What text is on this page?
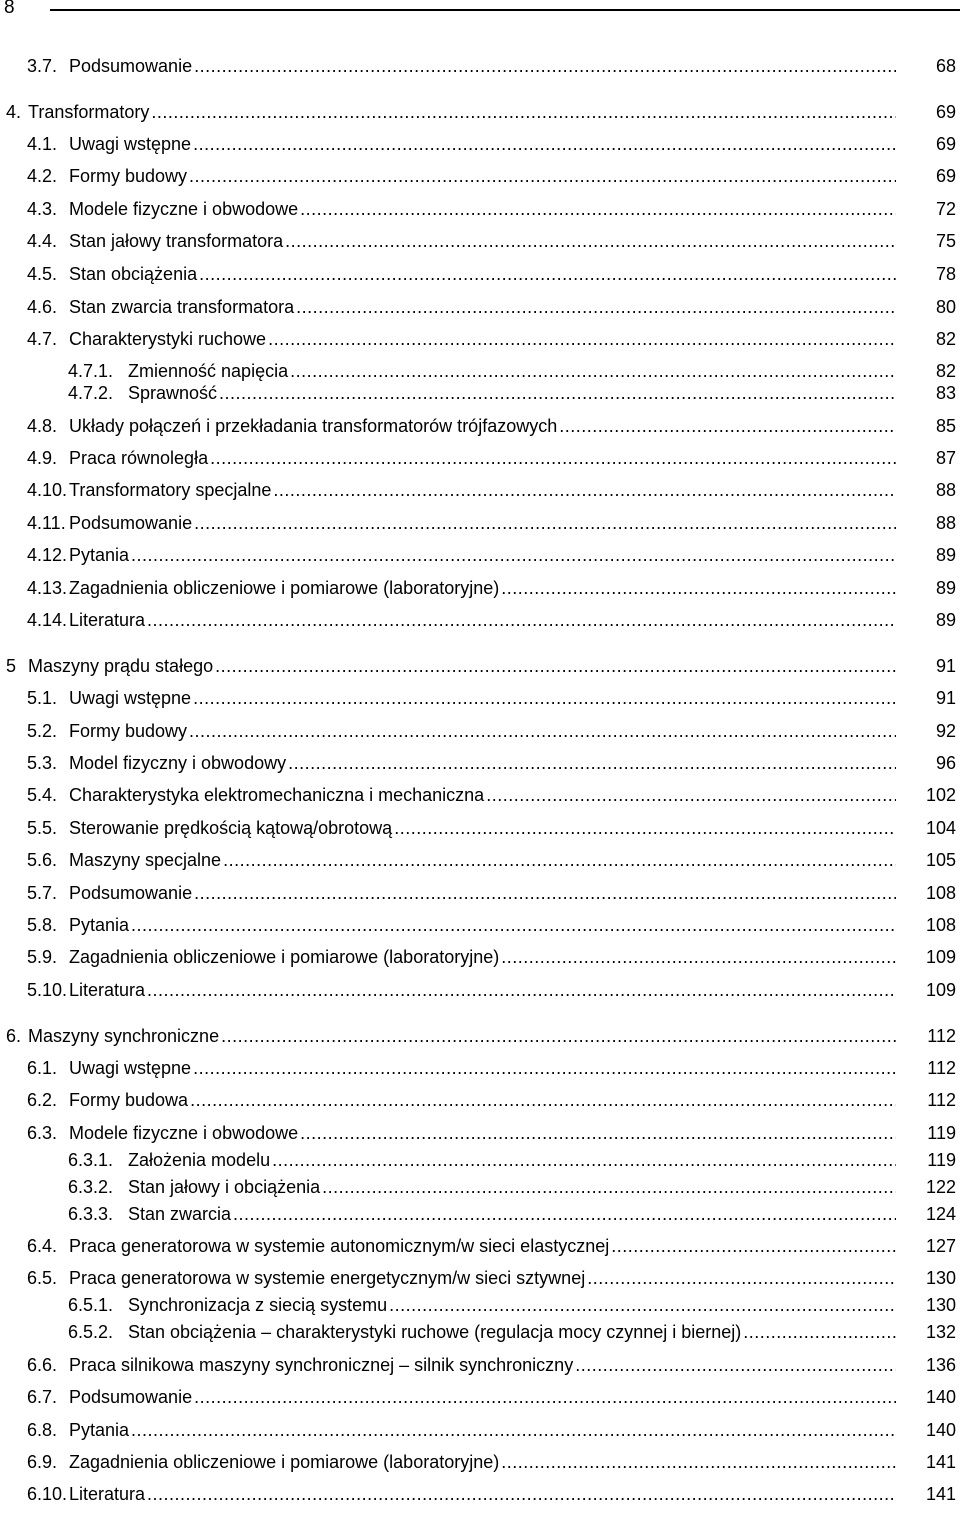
8
3.7. Podsumowanie .....	68
4. Transformatory .....	69
4.1. Uwagi wstępne .....	69
4.2. Formy budowy .....	69
4.3. Modele fizyczne i obwodowe .....	72
4.4. Stan jałowy transformatora .....	75
4.5. Stan obciążenia .....	78
4.6. Stan zwarcia transformatora .....	80
4.7. Charakterystyki ruchowe .....	82
4.7.1. Zmienność napięcia .....	82
4.7.2. Sprawność .....	83
4.8. Układy połączeń i przekładania transformatorów trójfazowych .....	85
4.9. Praca równoległa .....	87
4.10. Transformatory specjalne .....	88
4.11. Podsumowanie .....	88
4.12. Pytania .....	89
4.13. Zagadnienia obliczeniowe i pomiarowe (laboratoryjne) .....	89
4.14. Literatura .....	89
5 Maszyny prądu stałego .....	91
5.1. Uwagi wstępne .....	91
5.2. Formy budowy .....	92
5.3. Model fizyczny i obwodowy .....	96
5.4. Charakterystyka elektromechaniczna i mechaniczna .....	102
5.5. Sterowanie prędkością kątową/obrotową .....	104
5.6. Maszyny specjalne .....	105
5.7. Podsumowanie .....	108
5.8. Pytania .....	108
5.9. Zagadnienia obliczeniowe i pomiarowe (laboratoryjne) .....	109
5.10. Literatura .....	109
6. Maszyny synchroniczne .....	112
6.1. Uwagi wstępne .....	112
6.2. Formy budowa .....	112
6.3. Modele fizyczne i obwodowe .....	119
6.3.1. Założenia modelu .....	119
6.3.2. Stan jałowy i obciążenia .....	122
6.3.3. Stan zwarcia .....	124
6.4. Praca generatorowa w systemie autonomicznym/w sieci elastycznej .....	127
6.5. Praca generatorowa w systemie energetycznym/w sieci sztywnej .....	130
6.5.1. Synchronizacja z siecią systemu .....	130
6.5.2. Stan obciążenia – charakterystyki ruchowe (regulacja mocy czynnej i biernej) .....	132
6.6. Praca silnikowa maszyny synchronicznej – silnik synchroniczny .....	136
6.7. Podsumowanie .....	140
6.8. Pytania .....	140
6.9. Zagadnienia obliczeniowe i pomiarowe (laboratoryjne) .....	141
6.10. Literatura .....	141
